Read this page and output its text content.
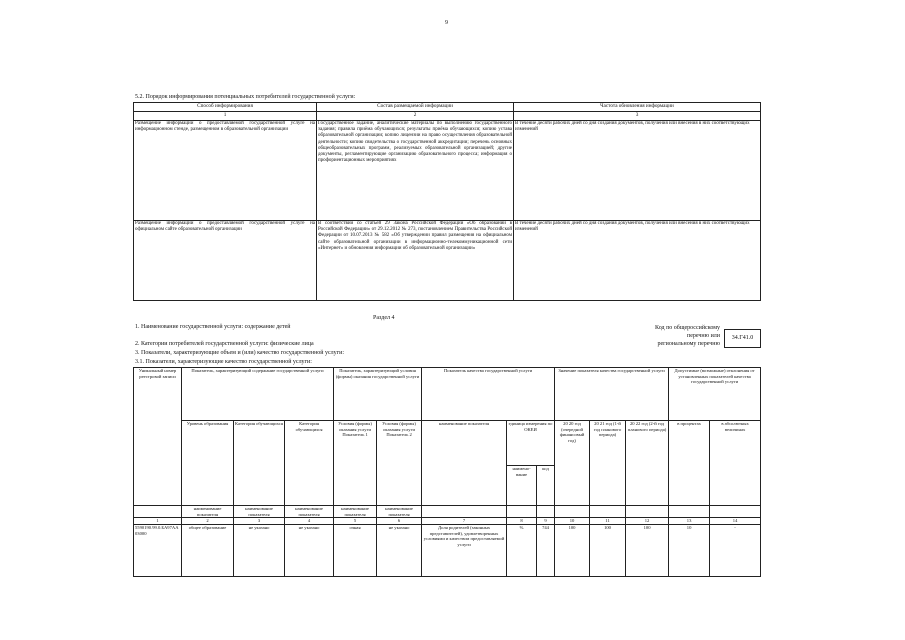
9
5.2. Порядок информирования потенциальных потребителей государственной услуги:
Способ информирования	Состав размещаемой информации	Частота обновления информации
1	2	3
Размещение информации о предоставляемой государственной услуге на информационном стенде, размещенном в образовательной организации	Государственное задание, аналитические материалы по выполнению государственного задания; правила приёма обучающихся; результаты приёма обучающихся; копию устава образовательной организации; копию лицензии на право осуществления образовательной деятельности; копию свидетельства о государственной аккредитации; перечень основных общеобразовательных программ, реализуемых образовательной организацией; другие документы, регламентирующие организацию образовательного процесса; информация о профориентационных мероприятиях	В течение десяти рабочих дней со дня создания документов, получения или внесения в них соответствующих изменений
Размещение информации о предоставляемой государственной услуге на официальном сайте образовательной организации	В соответствии со статьей 29 Закона Российской Федерации «Об образовании в Российской Федерации» от 29.12.2012 № 273, постановлением Правительства Российской Федерации от 10.07.2013 № 582 «Об утверждении правил размещения на официальном сайте образовательной организации в информационно-телекоммуникационной сети «Интернет» и обновления информации об образовательной организации»	В течение десяти рабочих дней со дня создания документов, получения или внесения в них соответствующих изменений
Раздел 4
1. Наименование государственной услуги: содержание детей	Код по общероссийскому
перечню или
региональному перечню
34.Г41.0
2. Категории потребителей государственной услуги: физические лица
3. Показатели, характеризующие объем и (или) качество государственной услуги:
3.1. Показатели, характеризующие качество государственной услуги:
Уникальный номер реестровой записи	Показатель, характеризующий содержание государственной услуги			Показатель, характеризующий условия (формы) оказания государственной услуги		Показатель качества государственной услуги			Значение показателя качества государственной услуги			Допустимые (возможные) отклонения от установленных показателей качества государственной услуги	
	Уровень образования	Категория обучающихся	Категория обучающихся	Условия (формы) оказания услуги Показатель 1	Условия (формы) оказания услуги Показатель 2	наименование показателя	единица измерения по ОКЕИ		20 20 год (очередной финансовый год)	20 21 год (1-й год планового периода)	20 22 год (2-й год планового периода)	в процентах	в абсолютных величинах
							наимено-вание	код					
	наименование показателя	наименование показателя	наименование показателя	наименование показателя	наименование показателя								
1	2	3	4	5	6	7	8	9	10	11	12	13	14
5590190.99.0.БА97АА03000	общее образование	не указано	не указано	очная	не указано	Доля родителей (законных представителей), удовлетворенных условиями и качеством предоставляемой услуги	%	744	100	100	100	10	-
